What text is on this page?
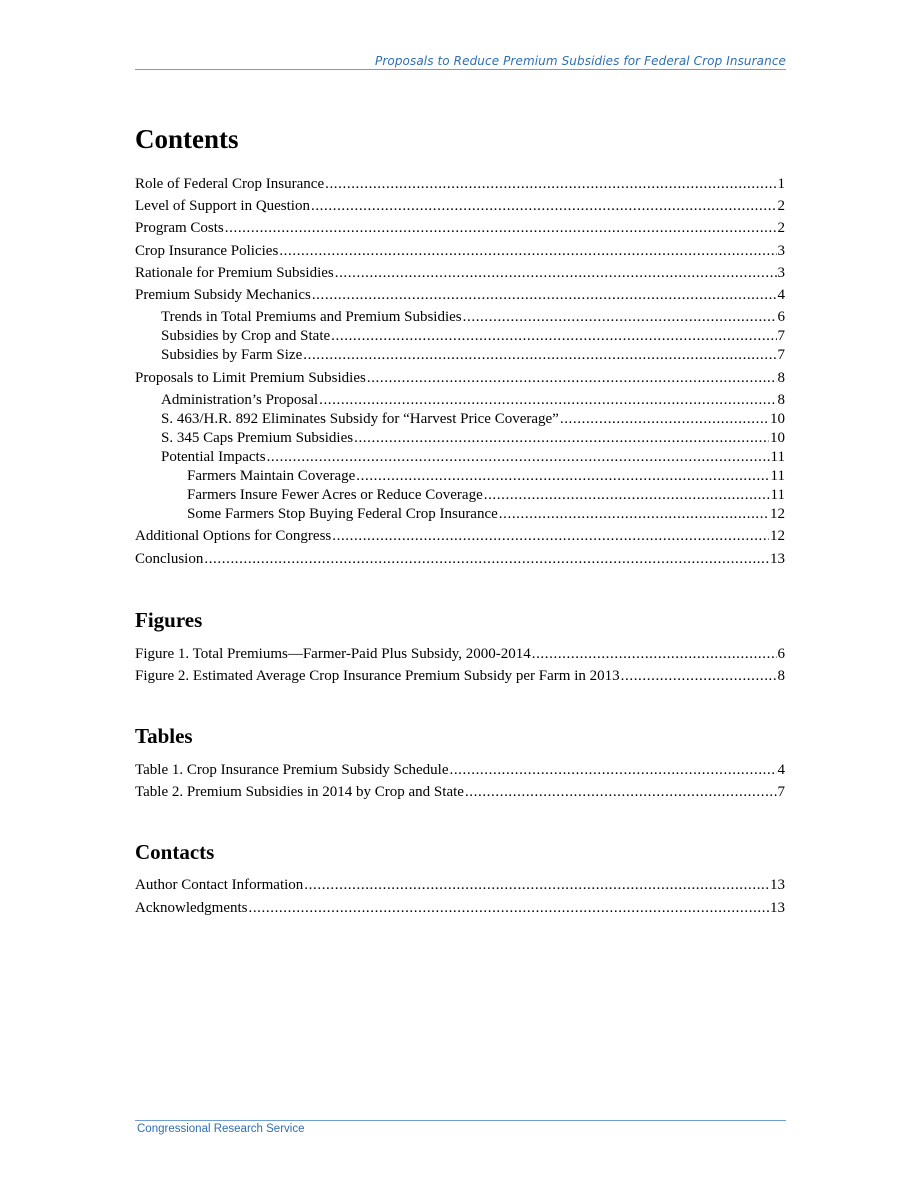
Proposals to Reduce Premium Subsidies for Federal Crop Insurance
Contents
Role of Federal Crop Insurance .....	1
Level of Support in Question .....	2
Program Costs .....	2
Crop Insurance Policies .....	3
Rationale for Premium Subsidies .....	3
Premium Subsidy Mechanics .....	4
Trends in Total Premiums and Premium Subsidies .....	6
Subsidies by Crop and State .....	7
Subsidies by Farm Size .....	7
Proposals to Limit Premium Subsidies .....	8
Administration’s Proposal .....	8
S. 463/H.R. 892 Eliminates Subsidy for “Harvest Price Coverage” .....	10
S. 345 Caps Premium Subsidies .....	10
Potential Impacts .....	11
Farmers Maintain Coverage .....	11
Farmers Insure Fewer Acres or Reduce Coverage .....	11
Some Farmers Stop Buying Federal Crop Insurance .....	12
Additional Options for Congress .....	12
Conclusion .....	13
Figures
Figure 1. Total Premiums—Farmer-Paid Plus Subsidy, 2000-2014 .....	6
Figure 2. Estimated Average Crop Insurance Premium Subsidy per Farm in 2013 .....	8
Tables
Table 1. Crop Insurance Premium Subsidy Schedule .....	4
Table 2. Premium Subsidies in 2014 by Crop and State .....	7
Contacts
Author Contact Information .....	13
Acknowledgments .....	13
Congressional Research Service
